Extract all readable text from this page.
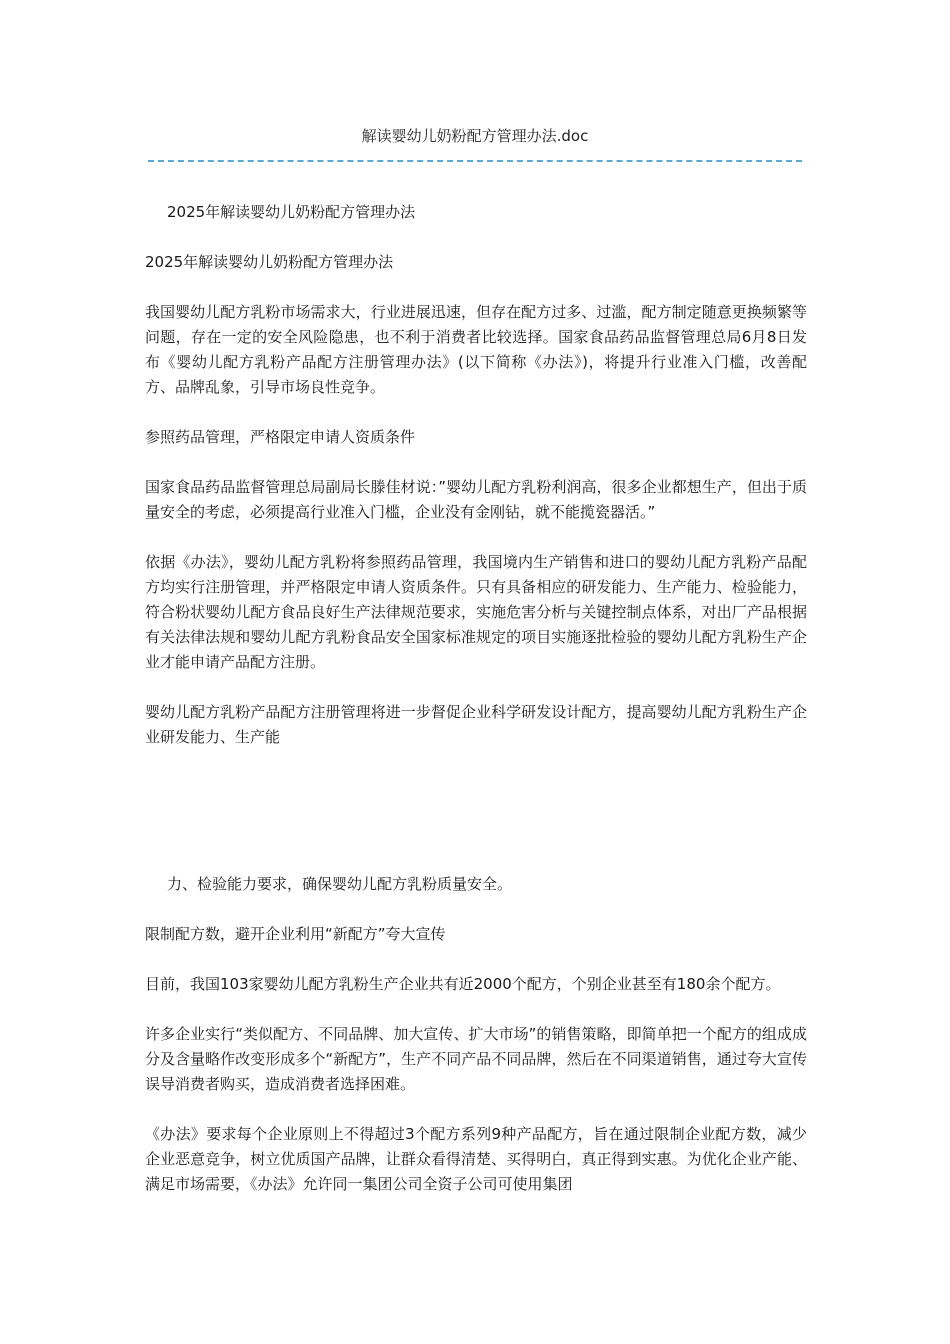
解读婴幼儿奶粉配方管理办法.doc

2025年解读婴幼儿奶粉配方管理办法

2025年解读婴幼儿奶粉配方管理办法

我国婴幼儿配方乳粉市场需求大，行业进展迅速，但存在配方过多、过滥，配方制定随意更换频繁等问题，存在一定的安全风险隐患，也不利于消费者比较选择。国家食品药品监督管理总局6月8日发布《婴幼儿配方乳粉产品配方注册管理办法》(以下简称《办法》)，将提升行业准入门槛，改善配方、品牌乱象，引导市场良性竞争。

参照药品管理，严格限定申请人资质条件

国家食品药品监督管理总局副局长滕佳材说：”婴幼儿配方乳粉利润高，很多企业都想生产，但出于质量安全的考虑，必须提高行业准入门槛，企业没有金刚钻，就不能揽瓷器活。”

依据《办法》，婴幼儿配方乳粉将参照药品管理，我国境内生产销售和进口的婴幼儿配方乳粉产品配方均实行注册管理，并严格限定申请人资质条件。只有具备相应的研发能力、生产能力、检验能力，符合粉状婴幼儿配方食品良好生产法律规范要求，实施危害分析与关键控制点体系，对出厂产品根据有关法律法规和婴幼儿配方乳粉食品安全国家标准规定的项目实施逐批检验的婴幼儿配方乳粉生产企业才能申请产品配方注册。

婴幼儿配方乳粉产品配方注册管理将进一步督促企业科学研发设计配方，提高婴幼儿配方乳粉生产企业研发能力、生产能

力、检验能力要求，确保婴幼儿配方乳粉质量安全。

限制配方数，避开企业利用“新配方”夸大宣传

目前，我国103家婴幼儿配方乳粉生产企业共有近2000个配方，个别企业甚至有180余个配方。

许多企业实行“类似配方、不同品牌、加大宣传、扩大市场”的销售策略，即简单把一个配方的组成成分及含量略作改变形成多个“新配方”，生产不同产品不同品牌，然后在不同渠道销售，通过夸大宣传误导消费者购买，造成消费者选择困难。

《办法》要求每个企业原则上不得超过3个配方系列9种产品配方，旨在通过限制企业配方数，减少企业恶意竞争，树立优质国产品牌，让群众看得清楚、买得明白，真正得到实惠。为优化企业产能、满足市场需要，《办法》允许同一集团公司全资子公司可使用集团
